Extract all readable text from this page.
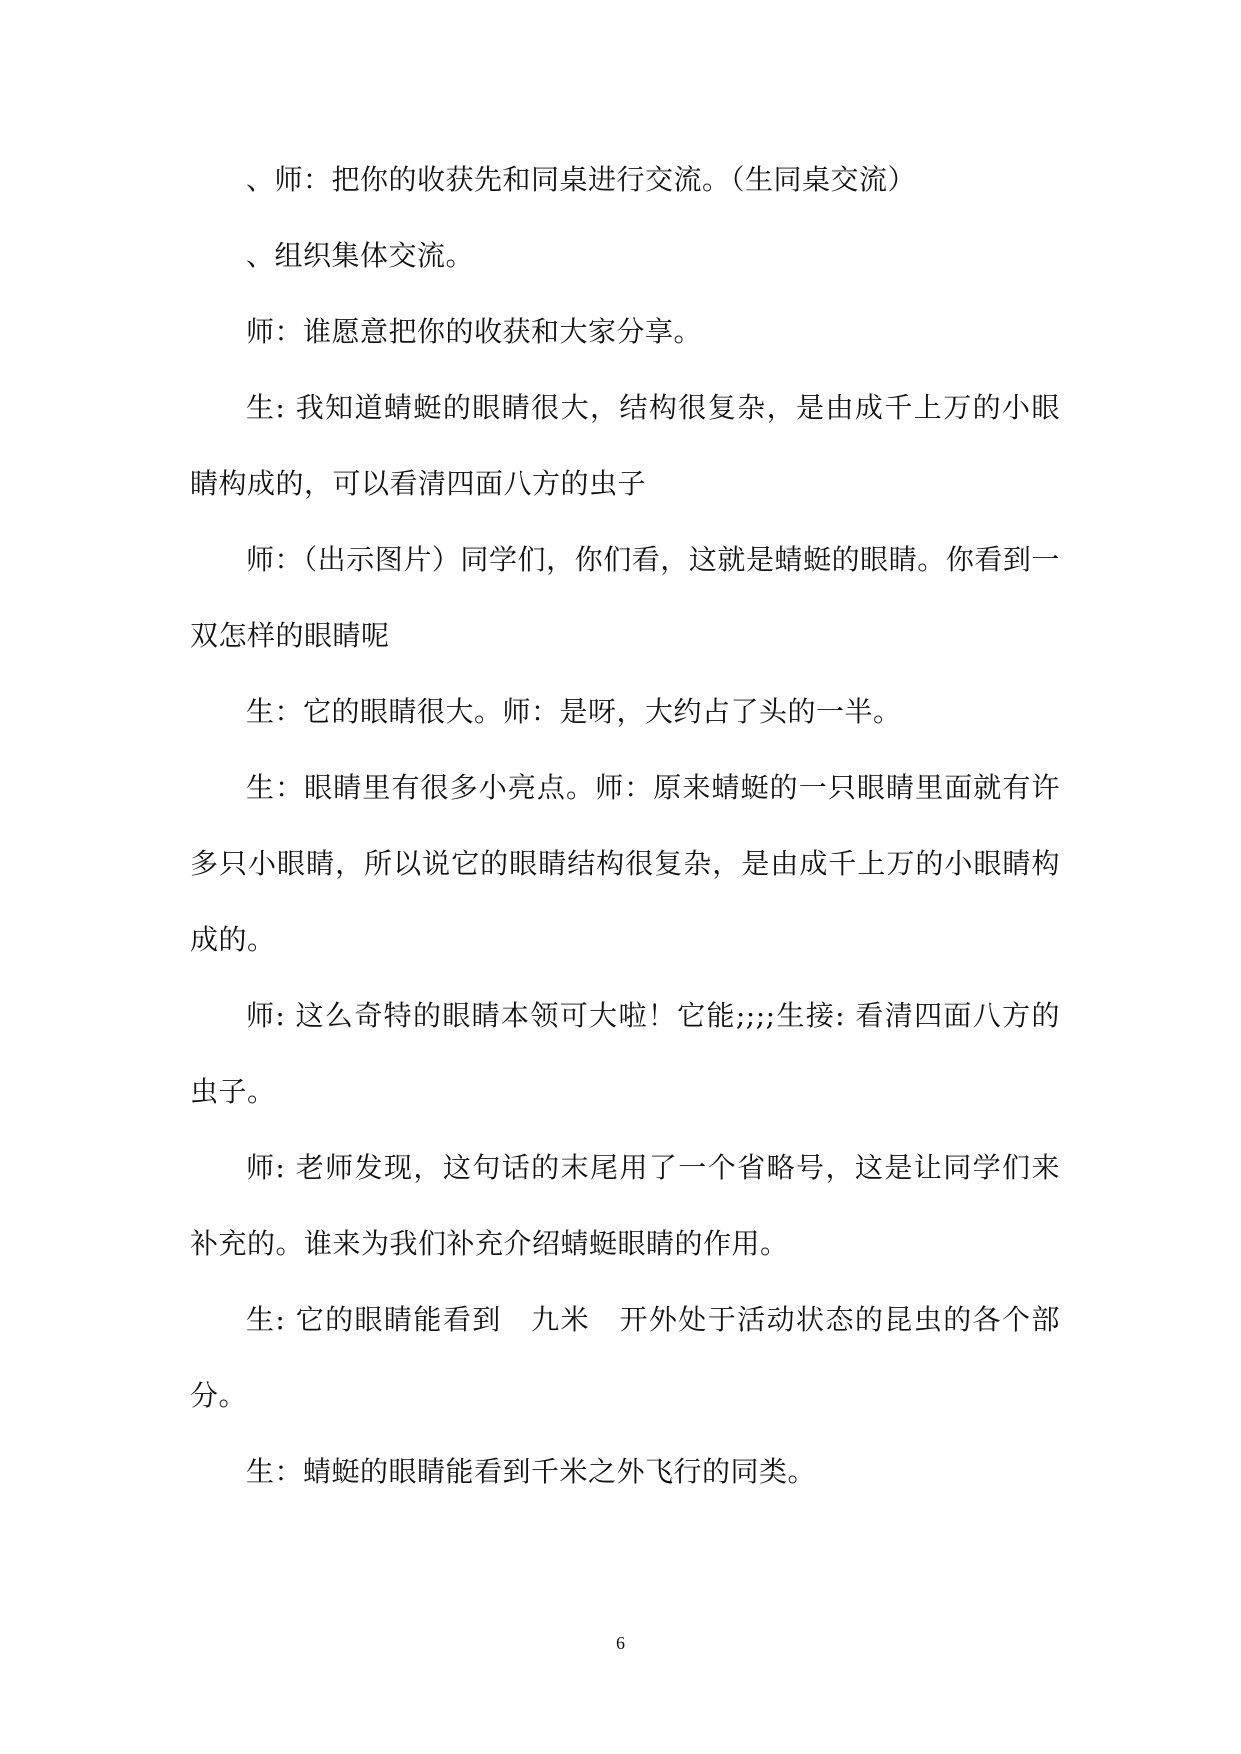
、师：把你的收获先和同桌进行交流。（生同桌交流）

、组织集体交流。

师：谁愿意把你的收获和大家分享。

生: 我知道蜻蜓的眼睛很大，结构很复杂，是由成千上万的小眼睛构成的，可以看清四面八方的虫子

师：（出示图片）同学们，你们看，这就是蜻蜓的眼睛。你看到一双怎样的眼睛呢

生：它的眼睛很大。师：是呀，大约占了头的一半。

生：眼睛里有很多小亮点。师：原来蜻蜓的一只眼睛里面就有许多只小眼睛，所以说它的眼睛结构很复杂，是由成千上万的小眼睛构成的。

师: 这么奇特的眼睛本领可大啦！它能;;;;生接: 看清四面八方的虫子。

师: 老师发现，这句话的末尾用了一个省略号，这是让同学们来补充的。谁来为我们补充介绍蜻蜓眼睛的作用。

生: 它的眼睛能看到　九米　开外处于活动状态的昆虫的各个部分。

生：蜻蜓的眼睛能看到千米之外飞行的同类。

6
